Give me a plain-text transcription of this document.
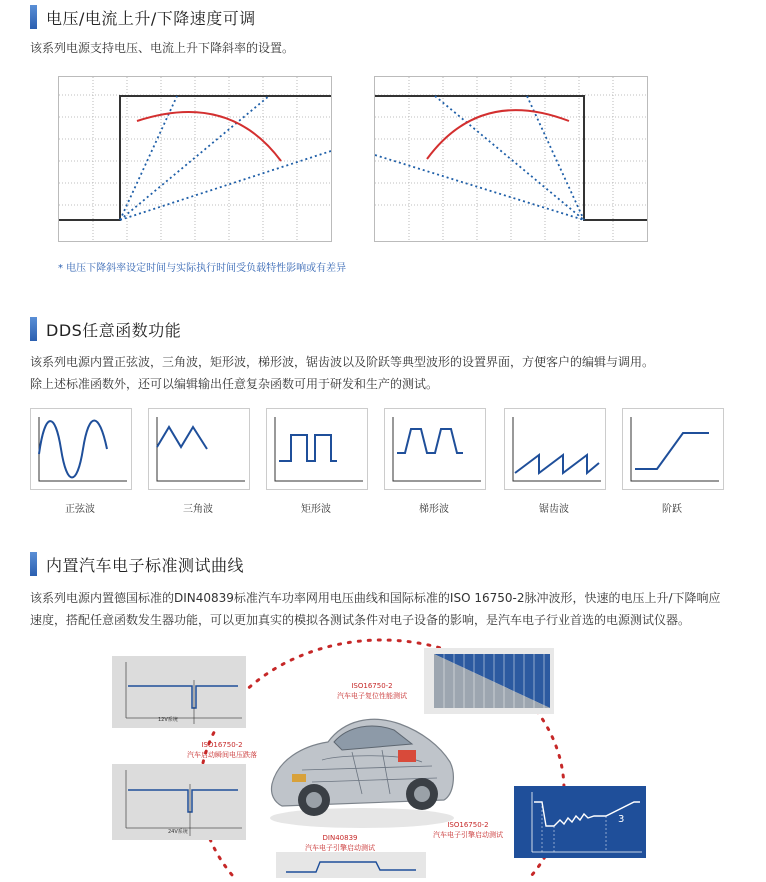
电压/电流上升/下降速度可调
该系列电源支持电压、电流上升下降斜率的设置。
* 电压下降斜率设定时间与实际执行时间受负载特性影响或有差异
DDS任意函数功能
该系列电源内置正弦波，三角波，矩形波，梯形波，锯齿波以及阶跃等典型波形的设置界面，方便客户的编辑与调用。
除上述标准函数外，还可以编辑输出任意复杂函数可用于研发和生产的测试。
正弦波	三角波	矩形波	梯形波	锯齿波	阶跃
内置汽车电子标准测试曲线
该系列电源内置德国标准的DIN40839标准汽车功率网用电压曲线和国际标准的ISO 16750-2脉冲波形，快速的电压上升/下降响应
速度，搭配任意函数发生器功能，可以更加真实的模拟各测试条件对电子设备的影响，是汽车电子行业首选的电源测试仪器。
12V系统
24V系统
3
ISO16750-2
汽车电子复位性能测试
ISO16750-2
汽车启动瞬间电压跌落
DIN40839
汽车电子引擎启动测试
ISO16750-2
汽车电子引擎启动测试
